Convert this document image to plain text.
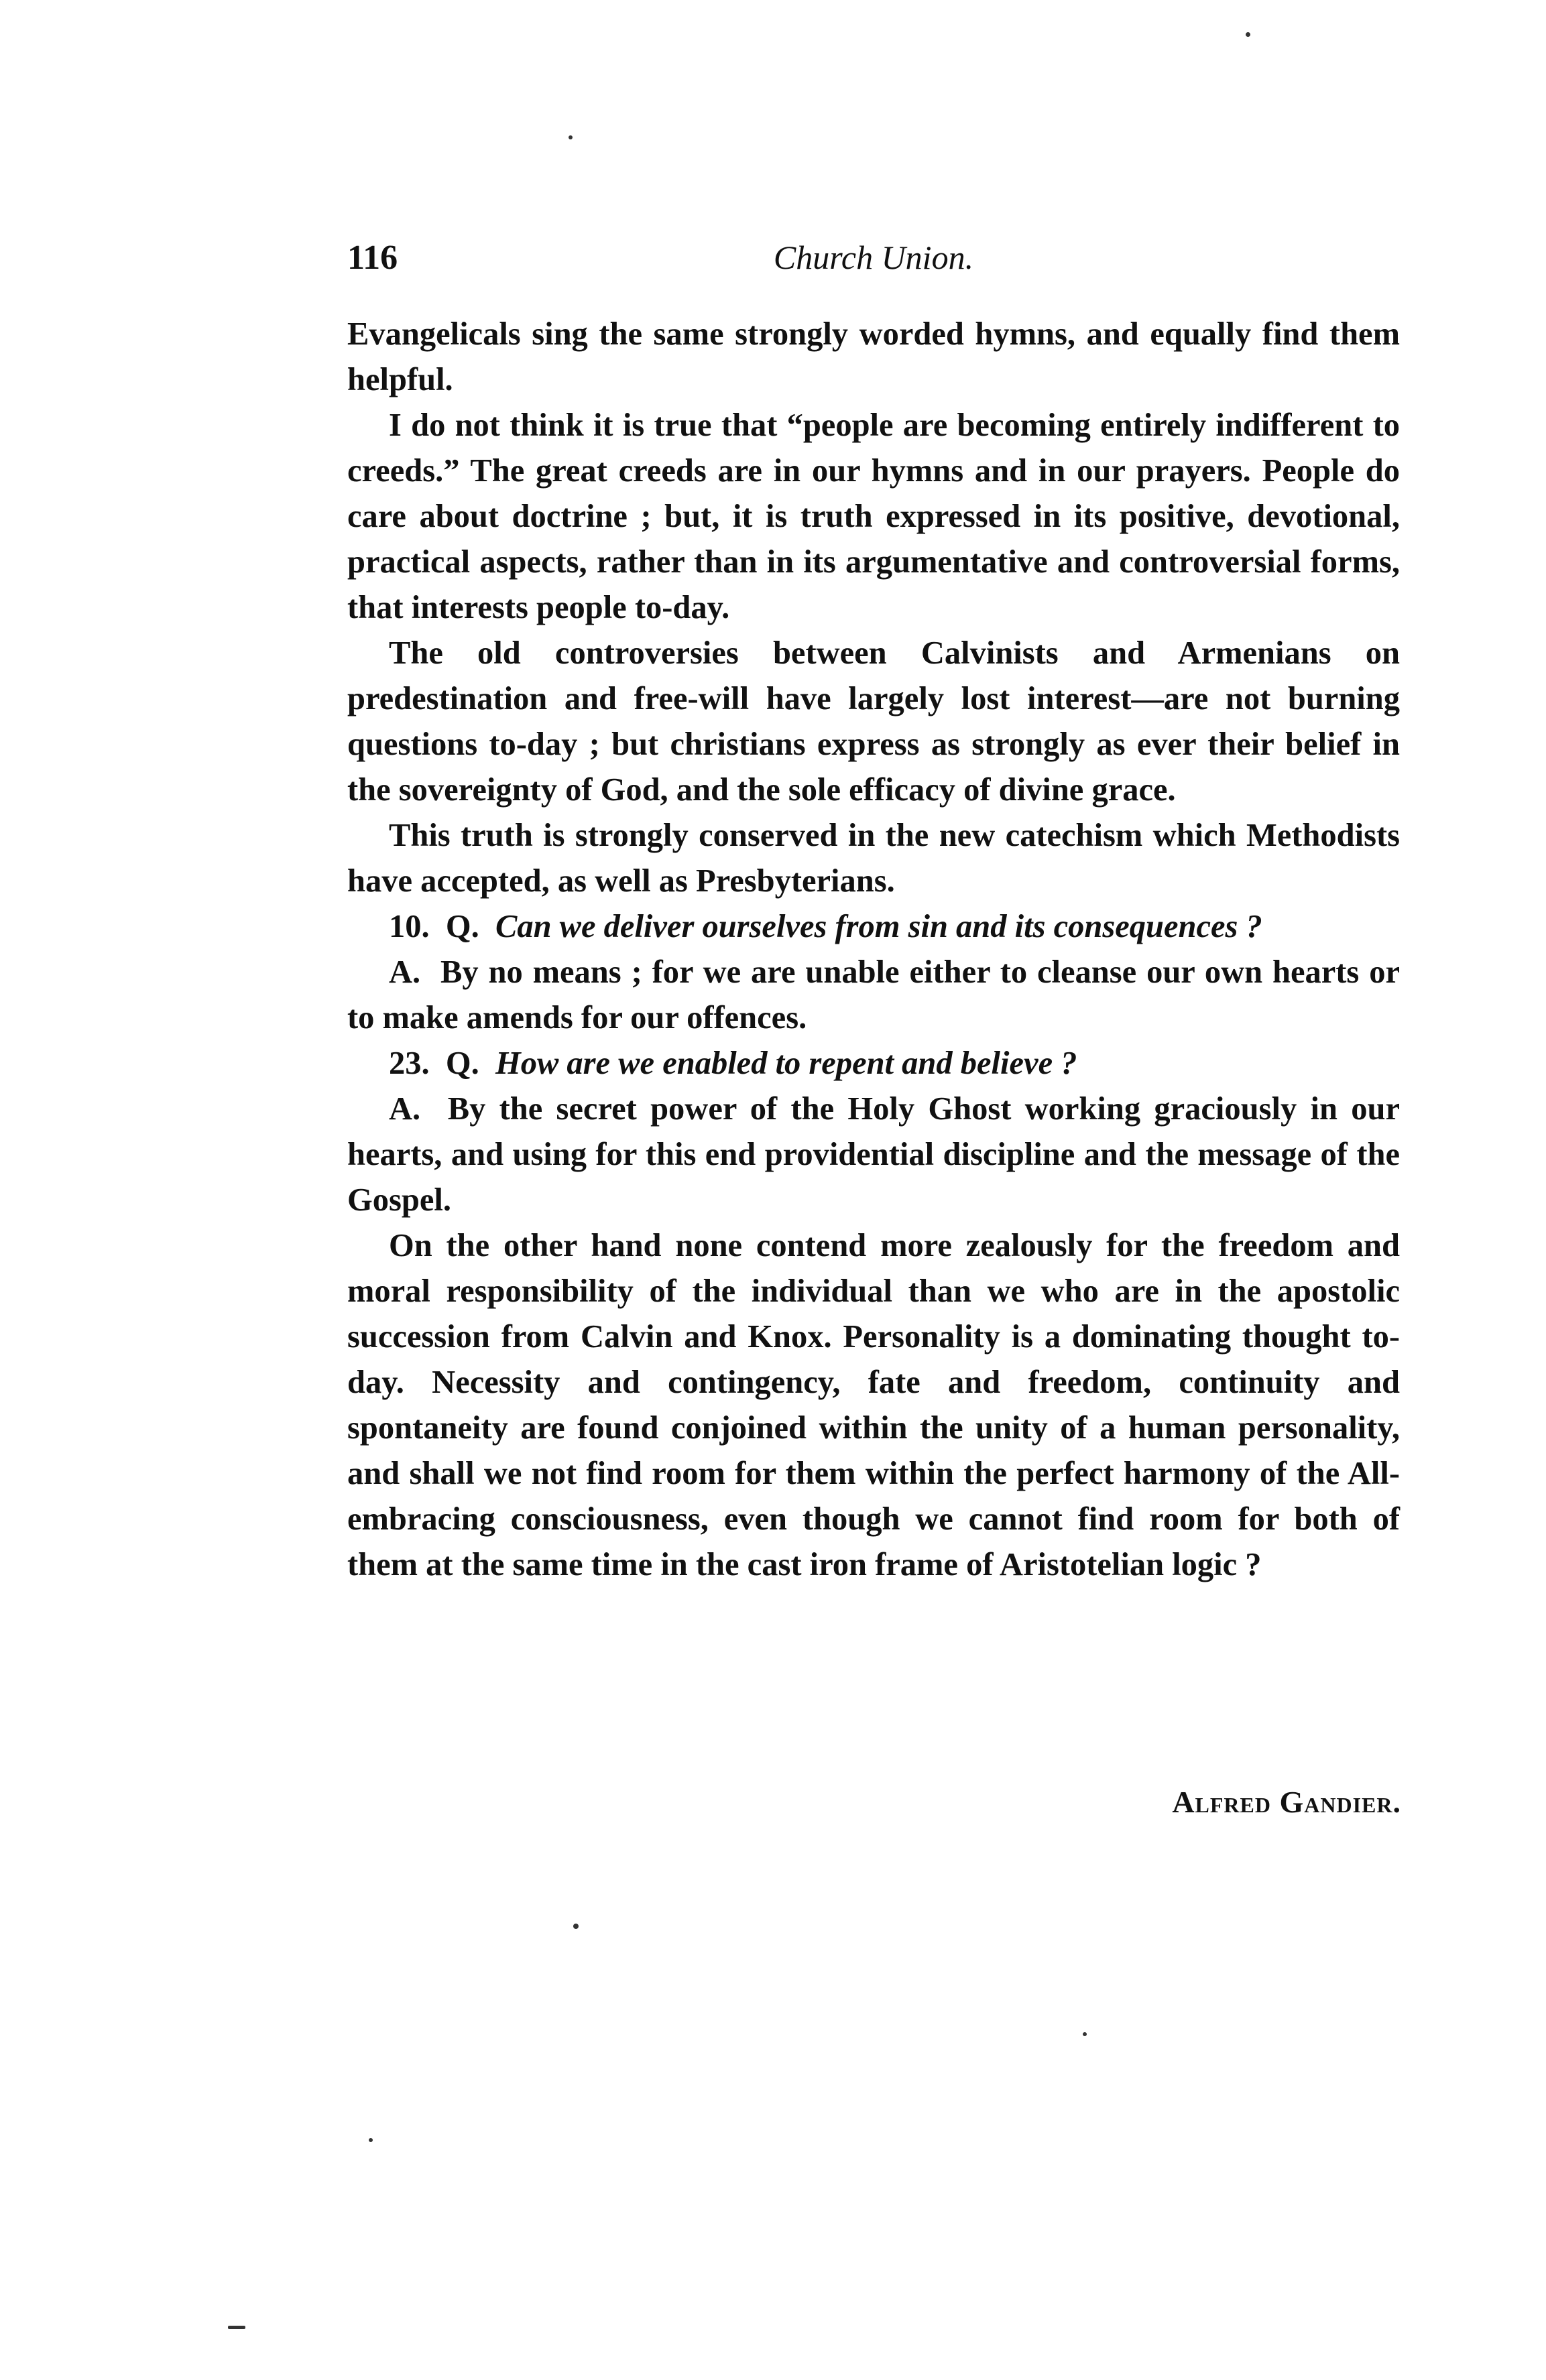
116	Church Union.

Evangelicals sing the same strongly worded hymns, and equally find them helpful.

I do not think it is true that “people are becoming entirely indifferent to creeds.” The great creeds are in our hymns and in our prayers. People do care about doctrine ; but, it is truth expressed in its positive, devotional, practical aspects, rather than in its argumentative and controversial forms, that interests people to-day.

The old controversies between Calvinists and Armenians on predestination and free-will have largely lost interest—are not burning questions to-day ; but christians express as strongly as ever their belief in the sovereignty of God, and the sole efficacy of divine grace.

This truth is strongly conserved in the new catechism which Methodists have accepted, as well as Presbyterians.

10. Q. Can we deliver ourselves from sin and its consequences ?

A. By no means ; for we are unable either to cleanse our own hearts or to make amends for our offences.

23. Q. How are we enabled to repent and believe ?

A. By the secret power of the Holy Ghost working graciously in our hearts, and using for this end providential discipline and the message of the Gospel.

On the other hand none contend more zealously for the freedom and moral responsibility of the individual than we who are in the apostolic succession from Calvin and Knox. Personality is a dominating thought to-day. Necessity and contingency, fate and freedom, continuity and spontaneity are found conjoined within the unity of a human personality, and shall we not find room for them within the perfect harmony of the All-embracing consciousness, even though we cannot find room for both of them at the same time in the cast iron frame of Aristotelian logic ?

Alfred Gandier.
